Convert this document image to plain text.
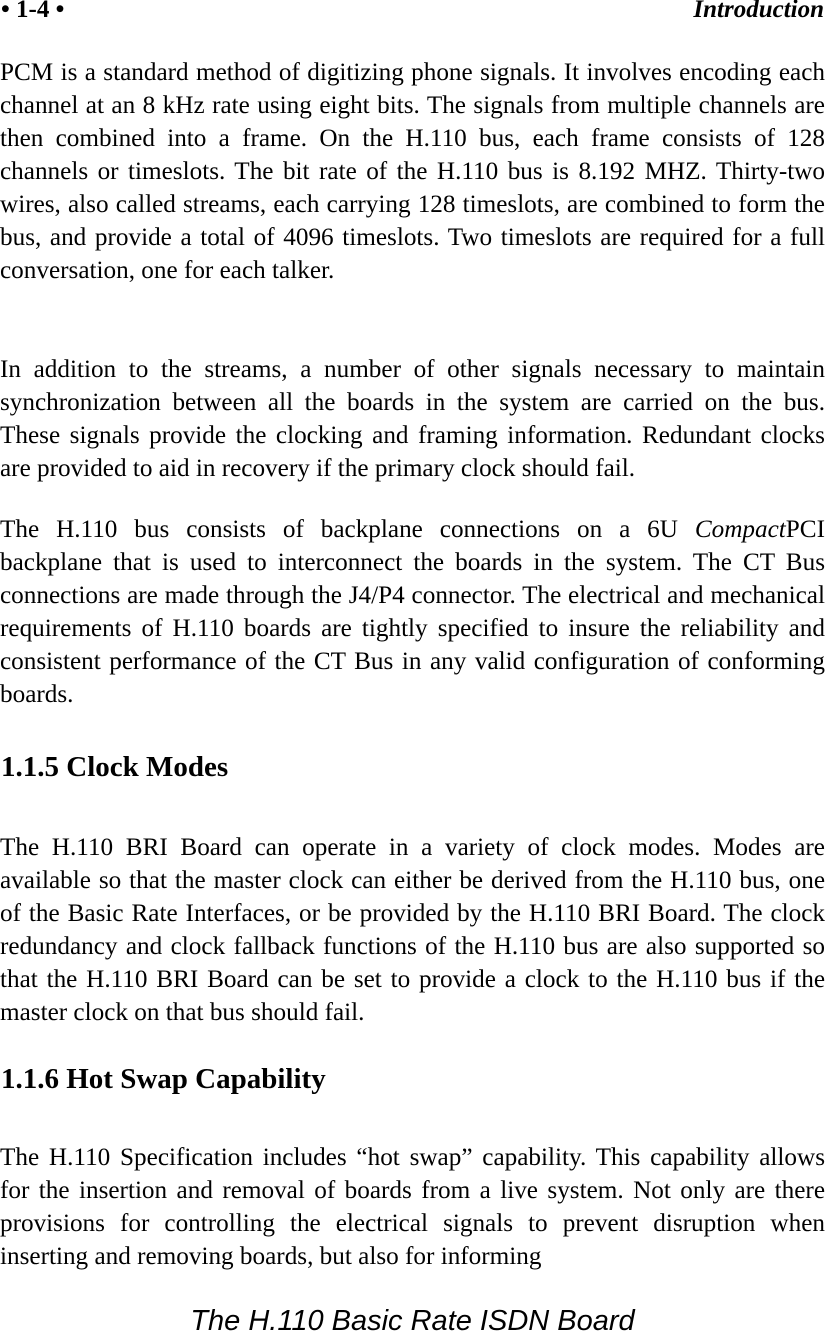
• 1-4 •	Introduction

PCM is a standard method of digitizing phone signals. It involves encoding each channel at an 8 kHz rate using eight bits. The signals from multiple channels are then combined into a frame. On the H.110 bus, each frame consists of 128 channels or timeslots. The bit rate of the H.110 bus is 8.192 MHZ. Thirty-two wires, also called streams, each carrying 128 timeslots, are combined to form the bus, and provide a total of 4096 timeslots. Two timeslots are required for a full conversation, one for each talker.

In addition to the streams, a number of other signals necessary to maintain synchronization between all the boards in the system are carried on the bus. These signals provide the clocking and framing information. Redundant clocks are provided to aid in recovery if the primary clock should fail.

The H.110 bus consists of backplane connections on a 6U CompactPCI backplane that is used to interconnect the boards in the system. The CT Bus connections are made through the J4/P4 connector. The electrical and mechanical requirements of H.110 boards are tightly specified to insure the reliability and consistent performance of the CT Bus in any valid configuration of conforming boards.

1.1.5 Clock Modes

The H.110 BRI Board can operate in a variety of clock modes. Modes are available so that the master clock can either be derived from the H.110 bus, one of the Basic Rate Interfaces, or be provided by the H.110 BRI Board. The clock redundancy and clock fallback functions of the H.110 bus are also supported so that the H.110 BRI Board can be set to provide a clock to the H.110 bus if the master clock on that bus should fail.

1.1.6 Hot Swap Capability

The H.110 Specification includes “hot swap” capability. This capability allows for the insertion and removal of boards from a live system. Not only are there provisions for controlling the electrical signals to prevent disruption when inserting and removing boards, but also for informing

The H.110 Basic Rate ISDN Board
